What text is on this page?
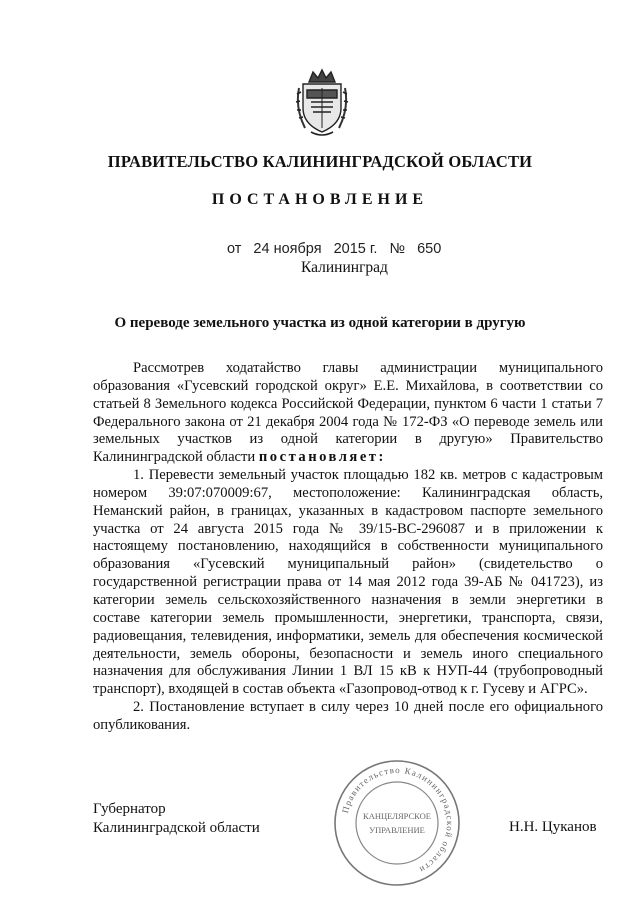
ПРАВИТЕЛЬСТВО КАЛИНИНГРАДСКОЙ ОБЛАСТИ
ПОСТАНОВЛЕНИЕ
от 24 ноября 2015 г. № 650
Калининград
О переводе земельного участка из одной категории в другую

Рассмотрев ходатайство главы администрации муниципального образования «Гусевский городской округ» Е.Е. Михайлова, в соответствии со статьей 8 Земельного кодекса Российской Федерации, пунктом 6 части 1 статьи 7 Федерального закона от 21 декабря 2004 года № 172-ФЗ «О переводе земель или земельных участков из одной категории в другую» Правительство Калининградской области постановляет:

1. Перевести земельный участок площадью 182 кв. метров с кадастровым номером 39:07:070009:67, местоположение: Калининградская область, Неманский район, в границах, указанных в кадастровом паспорте земельного участка от 24 августа 2015 года № 39/15-ВС-296087 и в приложении к настоящему постановлению, находящийся в собственности муниципального образования «Гусевский муниципальный район» (свидетельство о государственной регистрации права от 14 мая 2012 года 39-АБ № 041723), из категории земель сельскохозяйственного назначения в земли энергетики в составе категории земель промышленности, энергетики, транспорта, связи, радиовещания, телевидения, информатики, земель для обеспечения космической деятельности, земель обороны, безопасности и земель иного специального назначения для обслуживания Линии 1 ВЛ 15 кВ к НУП-44 (трубопроводный транспорт), входящей в состав объекта «Газопровод-отвод к г. Гусеву и АГРС».

2. Постановление вступает в силу через 10 дней после его официального опубликования.

Губернатор
Калининградской области	Н.Н. Цуканов
Правительство Калининградской области
КАНЦЕЛЯРСКОЕ
УПРАВЛЕНИЕ
